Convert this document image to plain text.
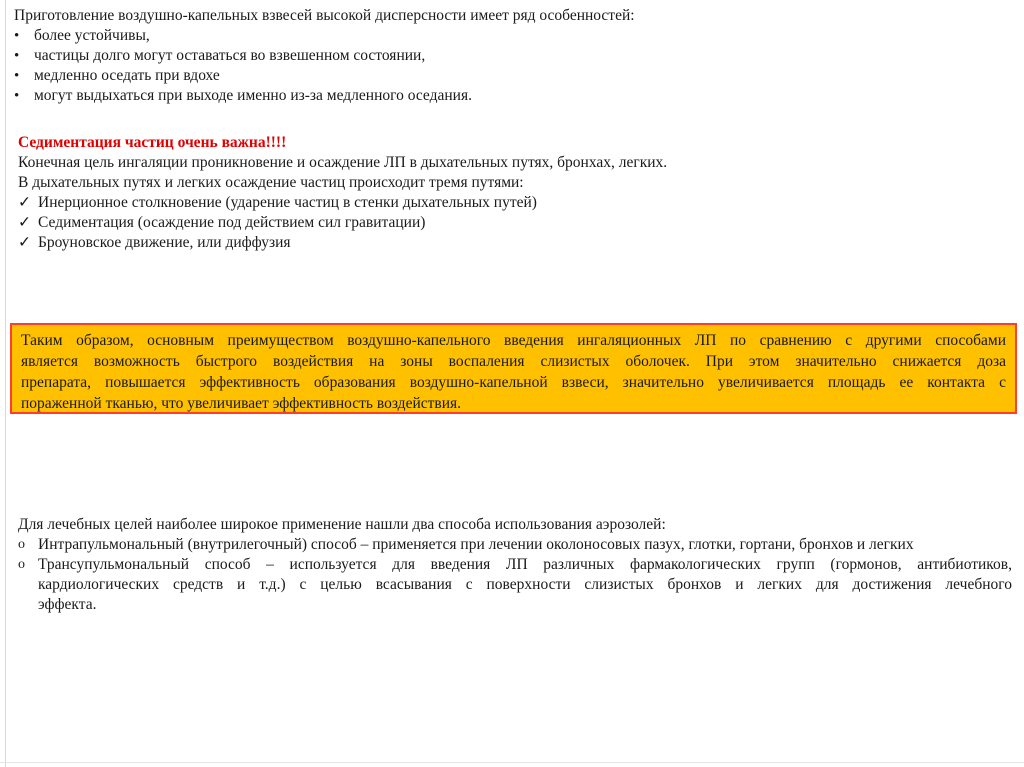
Приготовление воздушно-капельных взвесей высокой дисперсности имеет ряд особенностей:
• более устойчивы,
• частицы долго могут оставаться во взвешенном состоянии,
• медленно оседать при вдохе
• могут выдыхаться при выходе именно из-за медленного оседания.
Седиментация частиц очень важна!!!!
Конечная цель ингаляции проникновение и осаждение ЛП в дыхательных путях, бронхах, легких.
В дыхательных путях и легких осаждение частиц происходит тремя путями:
✓ Инерционное столкновение (ударение частиц в стенки дыхательных путей)
✓ Седиментация (осаждение под действием сил гравитации)
✓ Броуновское движение, или диффузия
Таким образом, основным преимуществом воздушно-капельного введения ингаляционных ЛП по сравнению с другими способами
является возможность быстрого воздействия на зоны воспаления слизистых оболочек. При этом значительно снижается доза
препарата, повышается эффективность образования воздушно-капельной взвеси, значительно увеличивается площадь ее контакта с
пораженной тканью, что увеличивает эффективность воздействия.
Для лечебных целей наиболее широкое применение нашли два способа использования аэрозолей:
o Интрапульмональный (внутрилегочный) способ – применяется при лечении околоносовых пазух, глотки, гортани, бронхов и легких
o Трансупульмональный способ – используется для введения ЛП различных фармакологических групп (гормонов, антибиотиков,
кардиологических средств и т.д.) с целью всасывания с поверхности слизистых бронхов и легких для достижения лечебного
эффекта.
